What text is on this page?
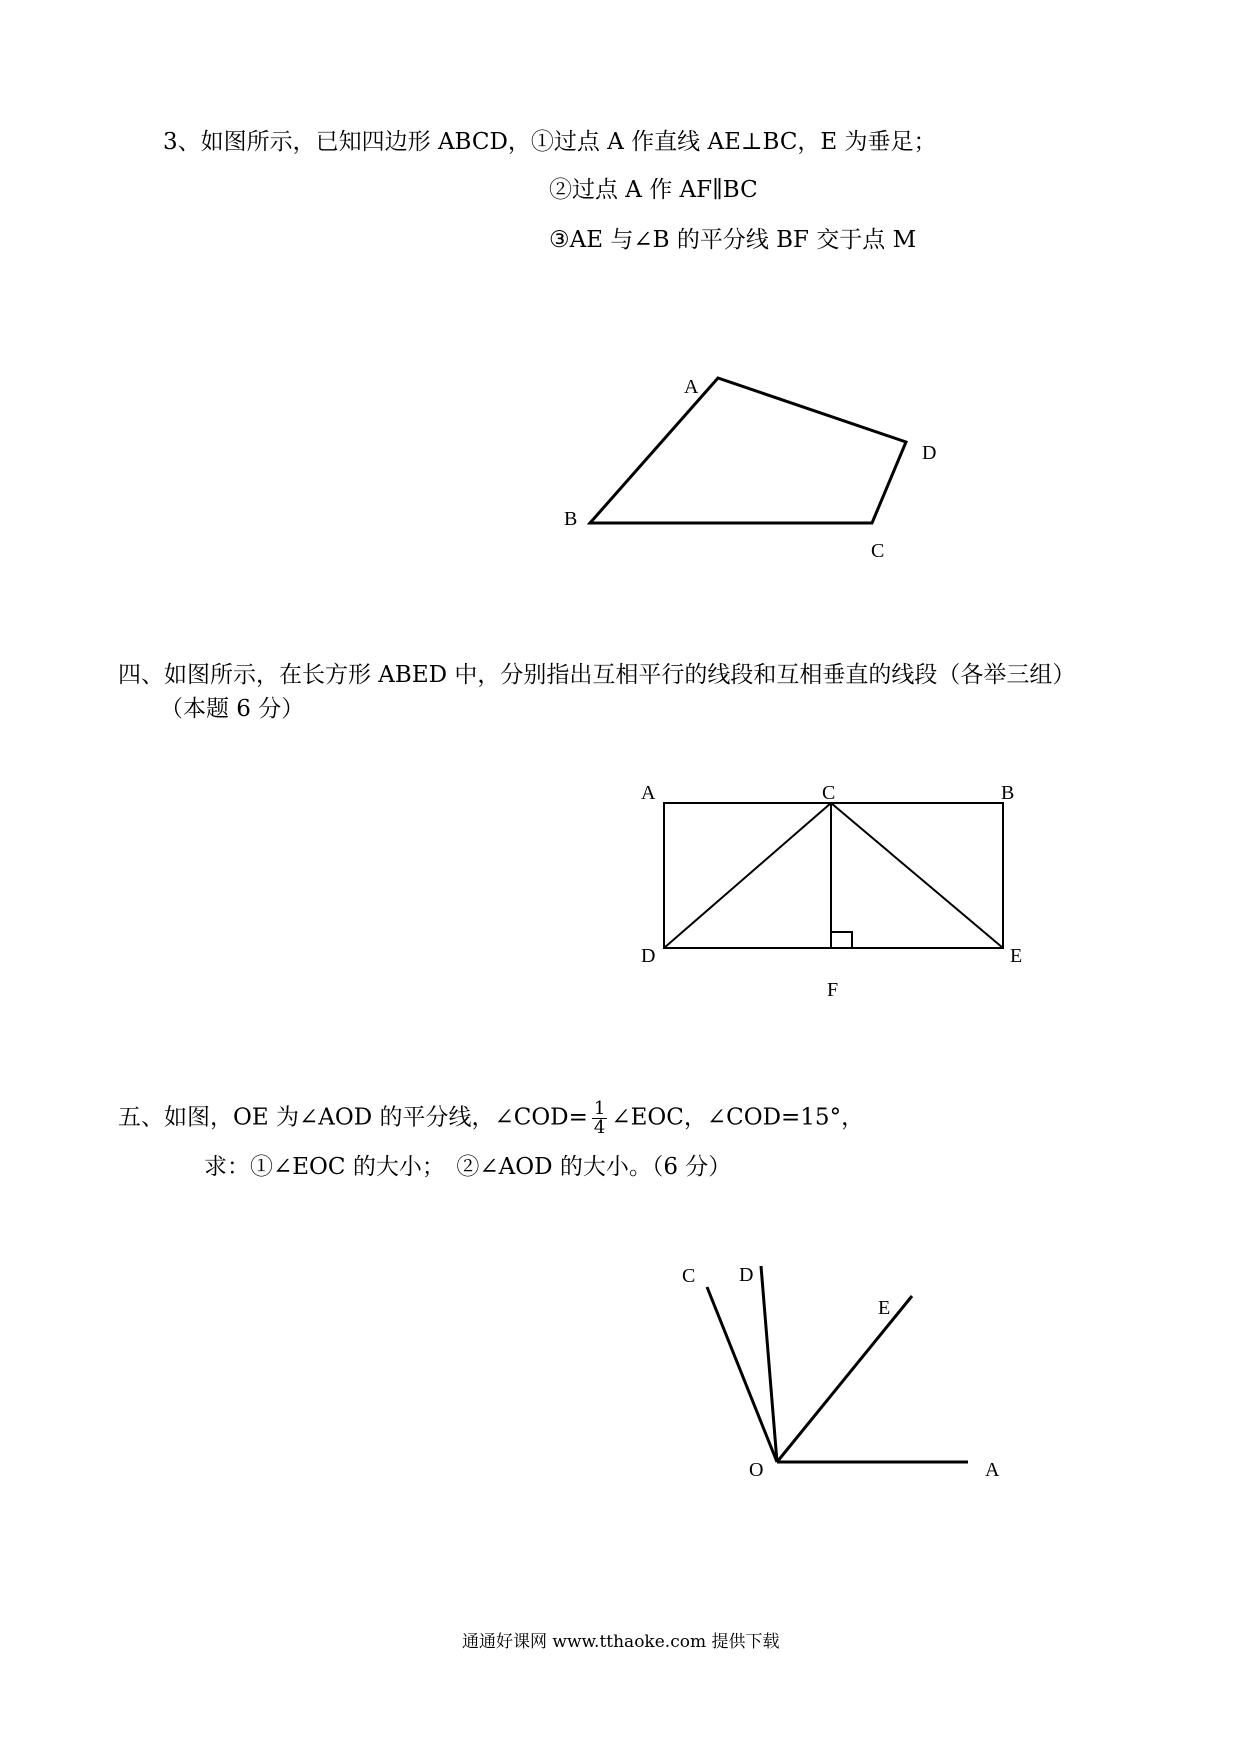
3、如图所示，已知四边形 ABCD，①过点 A 作直线 AE⊥BC，E 为垂足；
②过点 A 作 AF∥BC
③AE 与∠B 的平分线 BF 交于点 M
A
B
C
D
四、如图所示，在长方形 ABED 中，分别指出互相平行的线段和互相垂直的线段（各举三组）
（本题 6 分）
A	C	B
D	E
F
五、如图，OE 为∠AOD 的平分线，∠COD= $\frac{1}{4}$ ∠EOC，∠COD=15°，
求：①∠EOC 的大小；　②∠AOD 的大小。（6 分）
C D
E
O	A
通通好课网 www.tthaoke.com 提供下载
